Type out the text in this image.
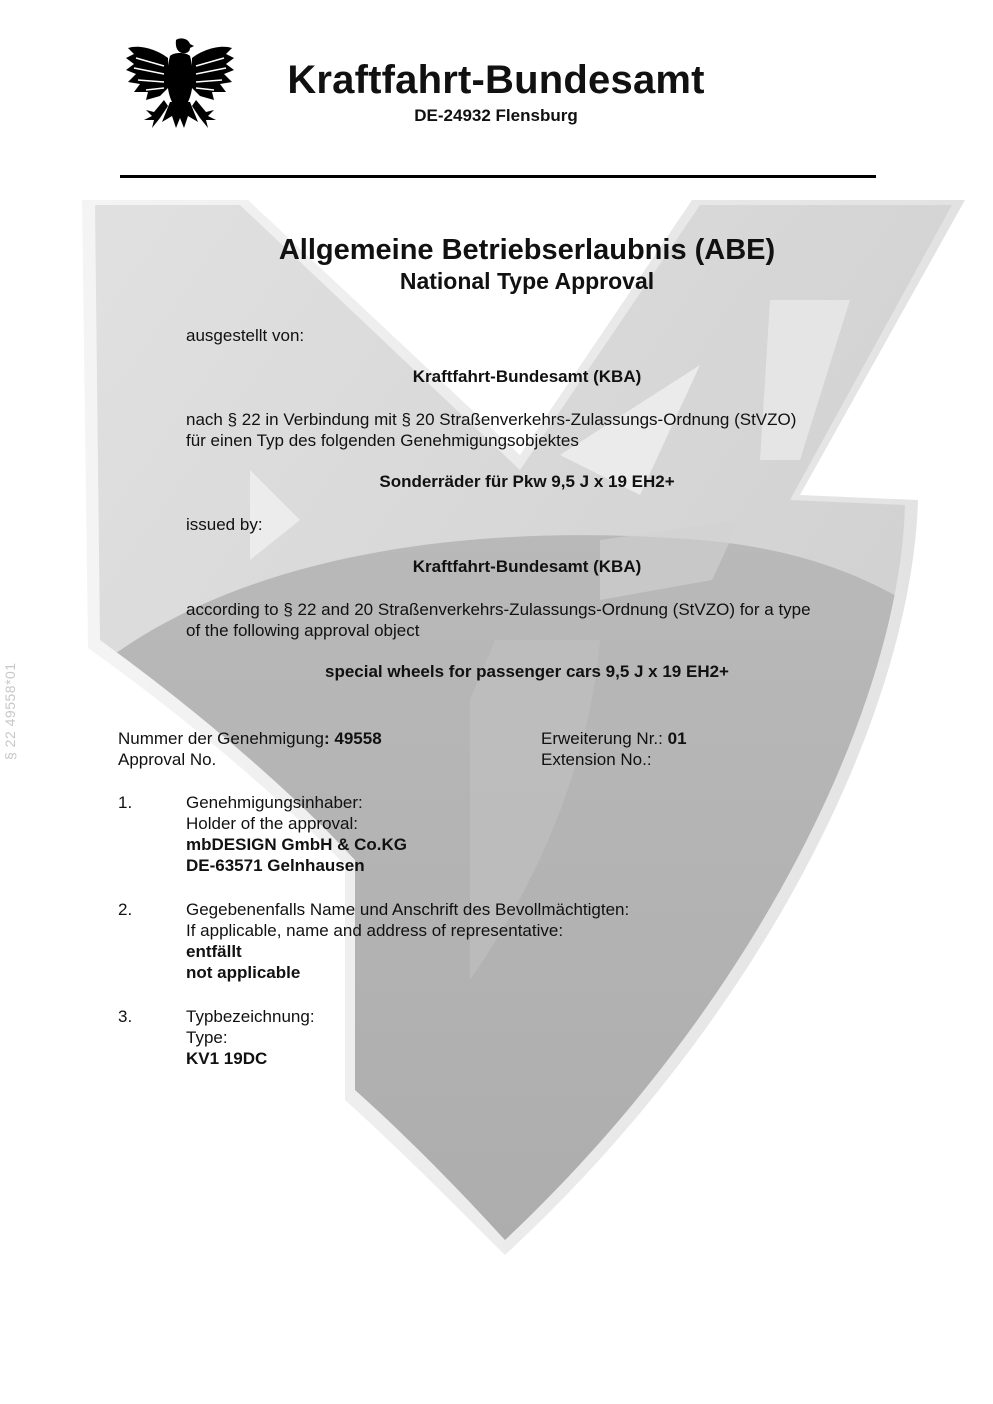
Kraftfahrt-Bundesamt
DE-24932 Flensburg
Allgemeine Betriebserlaubnis (ABE)
National Type Approval
ausgestellt von:
Kraftfahrt-Bundesamt (KBA)
nach § 22 in Verbindung mit § 20 Straßenverkehrs-Zulassungs-Ordnung (StVZO)
für einen Typ des folgenden Genehmigungsobjektes
Sonderräder für Pkw 9,5 J x 19 EH2+
issued by:
Kraftfahrt-Bundesamt (KBA)
according to § 22 and 20 Straßenverkehrs-Zulassungs-Ordnung (StVZO) for a type
of the following approval object
special wheels for passenger cars 9,5 J x 19 EH2+
Nummer der Genehmigung: 49558
Approval No.
Erweiterung Nr.: 01
Extension No.:
1.	Genehmigungsinhaber:
Holder of the approval:
mbDESIGN GmbH & Co.KG
DE-63571 Gelnhausen
2.	Gegebenenfalls Name und Anschrift des Bevollmächtigten:
If applicable, name and address of representative:
entfällt
not applicable
3.	Typbezeichnung:
Type:
KV1 19DC
§ 22 49558*01
